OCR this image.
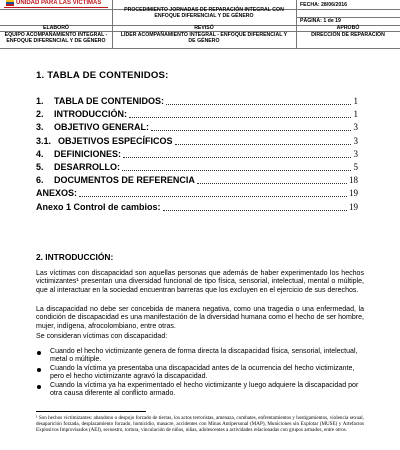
UNIDAD PARA LAS VÍCTIMAS
PROCEDIMIENTO JORNADAS DE REPARACIÓN INTEGRAL CON ENFOQUE DIFERENCIAL Y DE GÉNERO
FECHA: 28/06/2016
PÁGINA: 1 de 19
ELABORÓ	REVISÓ	APROBÓ
EQUIPO ACOMPAÑAMIENTO INTEGRAL - ENFOQUE DIFERENCIAL Y DE GÉNERO
LÍDER ACOMPAÑAMIENTO INTEGRAL - ENFOQUE DIFERENCIAL Y DE GÉNERO
DIRECCIÓN DE REPARACIÓN
1. TABLA DE CONTENIDOS:
1. TABLA DE CONTENIDOS:	1
2. INTRODUCCIÓN:	1
3. OBJETIVO GENERAL:	3
3.1. OBJETIVOS ESPECÍFICOS	3
4. DEFINICIONES:	3
5. DESARROLLO:	5
6. DOCUMENTOS DE REFERENCIA	18
ANEXOS:	19
Anexo 1 Control de cambios:	19
2. INTRODUCCIÓN:
Las víctimas con discapacidad son aquellas personas que además de haber experimentado los hechos victimizantes¹ presentan una diversidad funcional de tipo física, sensorial, intelectual, mental o múltiple, que al interactuar en la sociedad encuentran barreras que los excluyen en el ejercicio de sus derechos.
La discapacidad no debe ser concebida de manera negativa, como una tragedia o una enfermedad, la condición de discapacidad es una manifestación de la diversidad humana como el hecho de ser hombre, mujer, indígena, afrocolombiano, entre otras.
Se consideran víctimas con discapacidad:
Cuando el hecho victimizante genera de forma directa la discapacidad física, sensorial, intelectual, metal o múltiple.
Cuando la víctima ya presentaba una discapacidad antes de la ocurrencia del hecho victimizante, pero el hecho victimizante agravó la discapacidad.
Cuando la víctima ya ha experimentado el hecho victimizante y luego adquiere la discapacidad por otra causa diferente al conflicto armado.
¹ Son hechos victimizantes: abandono o despojo forzado de tierras, los actos terroristas, amenaza, combates, enfrentamientos y hostigamientos, violencia sexual, desaparición forzada, desplazamiento forzado, homicidio, masacre, accidentes con Minas Antipersonal (MAP), Municiones sin Explotar (MUSE) y Artefactos Explosivos Improvisados (AEI), secuestro, tortura, vinculación de niños, niñas, adolescentes a actividades relacionadas con grupos armados, entre otros.
